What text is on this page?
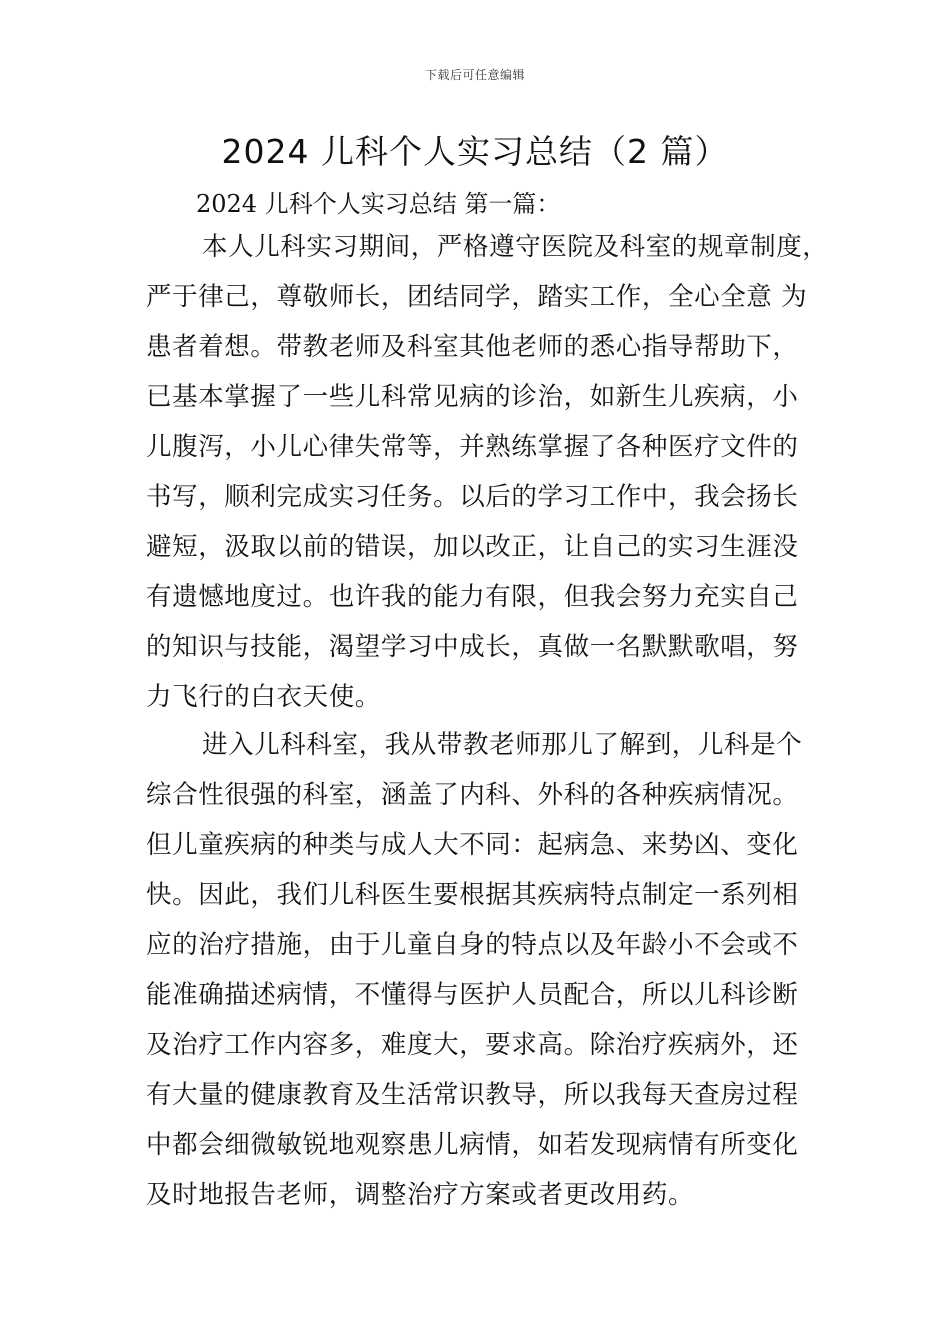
下载后可任意编辑
2024 儿科个人实习总结（2 篇）
2024 儿科个人实习总结 第一篇：
本人儿科实习期间，严格遵守医院及科室的规章制度，
严于律己，尊敬师长，团结同学，踏实工作，全心全意 为
患者着想。带教老师及科室其他老师的悉心指导帮助下，
已基本掌握了一些儿科常见病的诊治，如新生儿疾病，小
儿腹泻，小儿心律失常等，并熟练掌握了各种医疗文件的
书写，顺利完成实习任务。以后的学习工作中，我会扬长
避短，汲取以前的错误，加以改正，让自己的实习生涯没
有遗憾地度过。也许我的能力有限，但我会努力充实自己
的知识与技能，渴望学习中成长，真做一名默默歌唱，努
力飞行的白衣天使。
进入儿科科室，我从带教老师那儿了解到，儿科是个
综合性很强的科室，涵盖了内科、外科的各种疾病情况。
但儿童疾病的种类与成人大不同：起病急、来势凶、变化
快。因此，我们儿科医生要根据其疾病特点制定一系列相
应的治疗措施，由于儿童自身的特点以及年龄小不会或不
能准确描述病情，不懂得与医护人员配合，所以儿科诊断
及治疗工作内容多，难度大，要求高。除治疗疾病外，还
有大量的健康教育及生活常识教导，所以我每天查房过程
中都会细微敏锐地观察患儿病情，如若发现病情有所变化
及时地报告老师，调整治疗方案或者更改用药。
